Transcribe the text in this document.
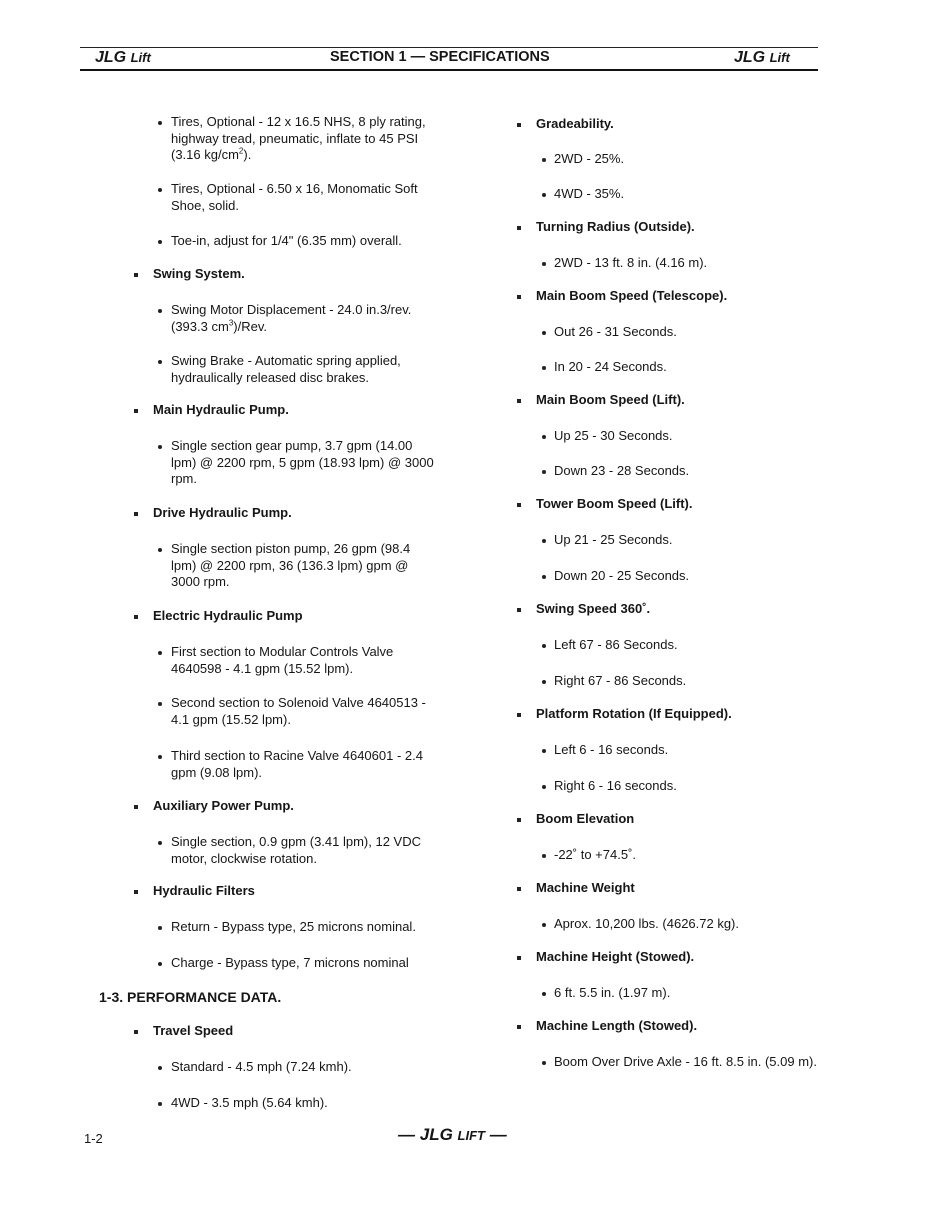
JLG Lift	SECTION 1 — SPECIFICATIONS	JLG Lift
Tires, Optional - 12 x 16.5 NHS, 8 ply rating,
highway tread, pneumatic, inflate to 45 PSI
(3.16 $kg/cm^2$).
Tires, Optional - 6.50 x 16, Monomatic Soft
Shoe, solid.
Toe-in, adjust for 1/4" (6.35 mm) overall.
Swing System.
Swing Motor Displacement - 24.0 in.3/rev.
(393.3 $cm^3$)/Rev.
Swing Brake - Automatic spring applied,
hydraulically released disc brakes.
Main Hydraulic Pump.
Single section gear pump, 3.7 gpm (14.00
lpm) @ 2200 rpm, 5 gpm (18.93 lpm) @ 3000
rpm.
Drive Hydraulic Pump.
Single section piston pump, 26 gpm (98.4
lpm) @ 2200 rpm, 36 (136.3 lpm) gpm @
3000 rpm.
Electric Hydraulic Pump
First section to Modular Controls Valve
4640598 - 4.1 gpm (15.52 lpm).
Second section to Solenoid Valve 4640513 -
4.1 gpm (15.52 lpm).
Third section to Racine Valve 4640601 - 2.4
gpm (9.08 lpm).
Auxiliary Power Pump.
Single section, 0.9 gpm (3.41 lpm), 12 VDC
motor, clockwise rotation.
Hydraulic Filters
Return - Bypass type, 25 microns nominal.
Charge - Bypass type, 7 microns nominal
1-3. PERFORMANCE DATA.
Travel Speed
Standard - 4.5 mph (7.24 kmh).
4WD - 3.5 mph (5.64 kmh).
Gradeability.
2WD - 25%.
4WD - 35%.
Turning Radius (Outside).
2WD - 13 ft. 8 in. (4.16 m).
Main Boom Speed (Telescope).
Out 26 - 31 Seconds.
In 20 - 24 Seconds.
Main Boom Speed (Lift).
Up 25 - 30 Seconds.
Down 23 - 28 Seconds.
Tower Boom Speed (Lift).
Up 21 - 25 Seconds.
Down 20 - 25 Seconds.
Swing Speed 360˚.
Left 67 - 86 Seconds.
Right 67 - 86 Seconds.
Platform Rotation (If Equipped).
Left 6 - 16 seconds.
Right 6 - 16 seconds.
Boom Elevation
-22˚ to +74.5˚.
Machine Weight
Aprox. 10,200 lbs. (4626.72 kg).
Machine Height (Stowed).
6 ft. 5.5 in. (1.97 m).
Machine Length (Stowed).
Boom Over Drive Axle - 16 ft. 8.5 in. (5.09 m).
1-2	— JLG LIFT —
